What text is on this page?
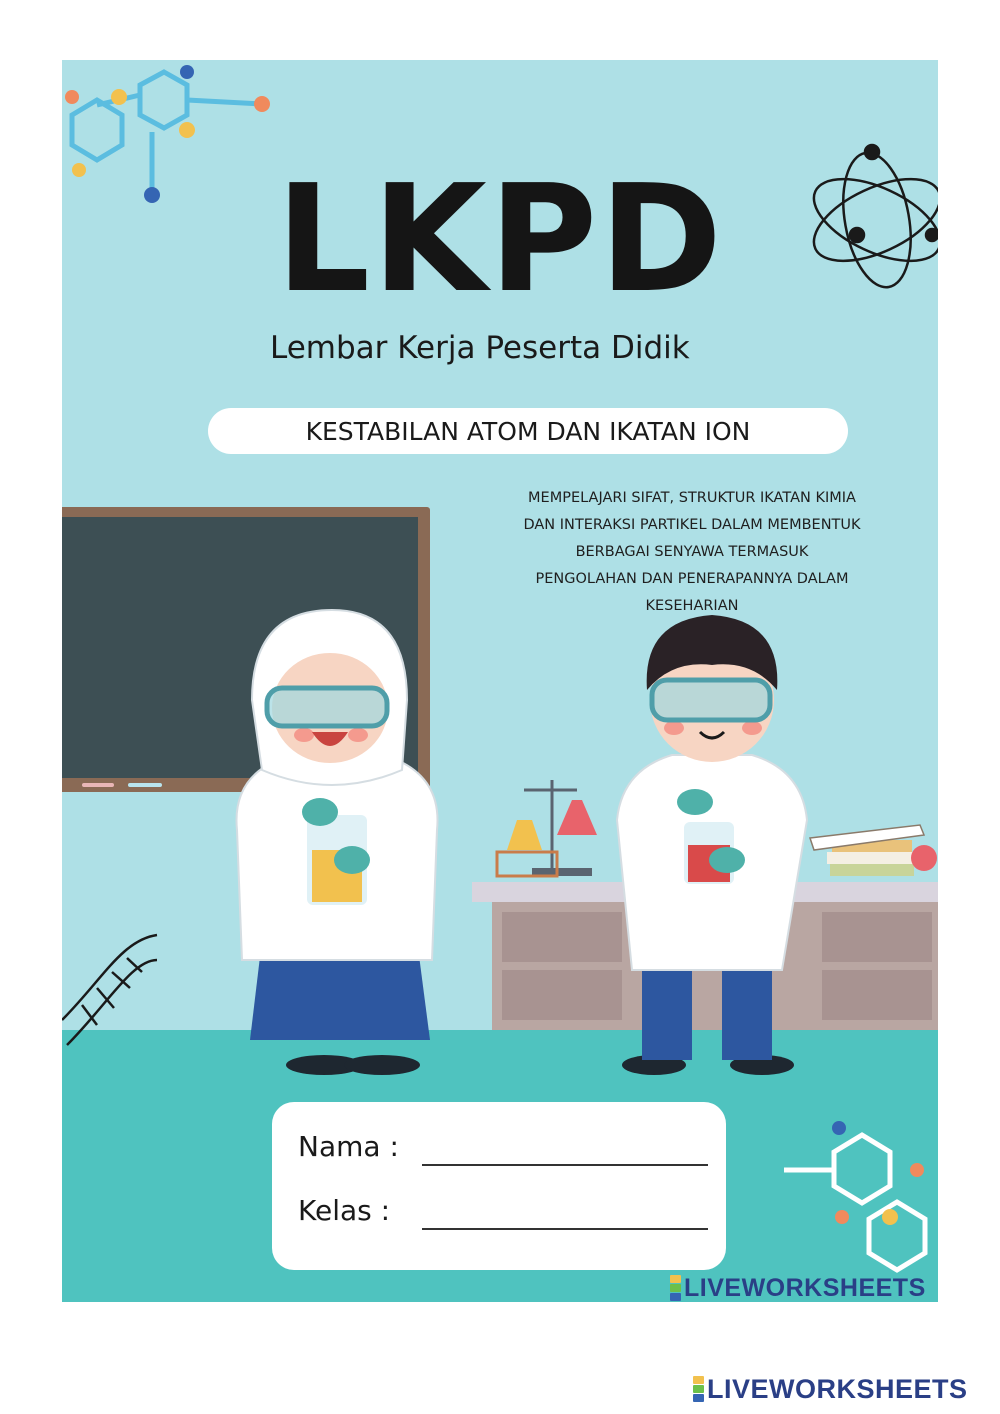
LKPD
Lembar Kerja Peserta Didik
KESTABILAN ATOM DAN IKATAN ION
MEMPELAJARI SIFAT, STRUKTUR IKATAN KIMIA
DAN INTERAKSI PARTIKEL DALAM MEMBENTUK
BERBAGAI SENYAWA TERMASUK
PENGOLAHAN DAN PENERAPANNYA DALAM
KESEHARIAN
Nama :
Kelas :
LIVEWORKSHEETS
LIVEWORKSHEETS
